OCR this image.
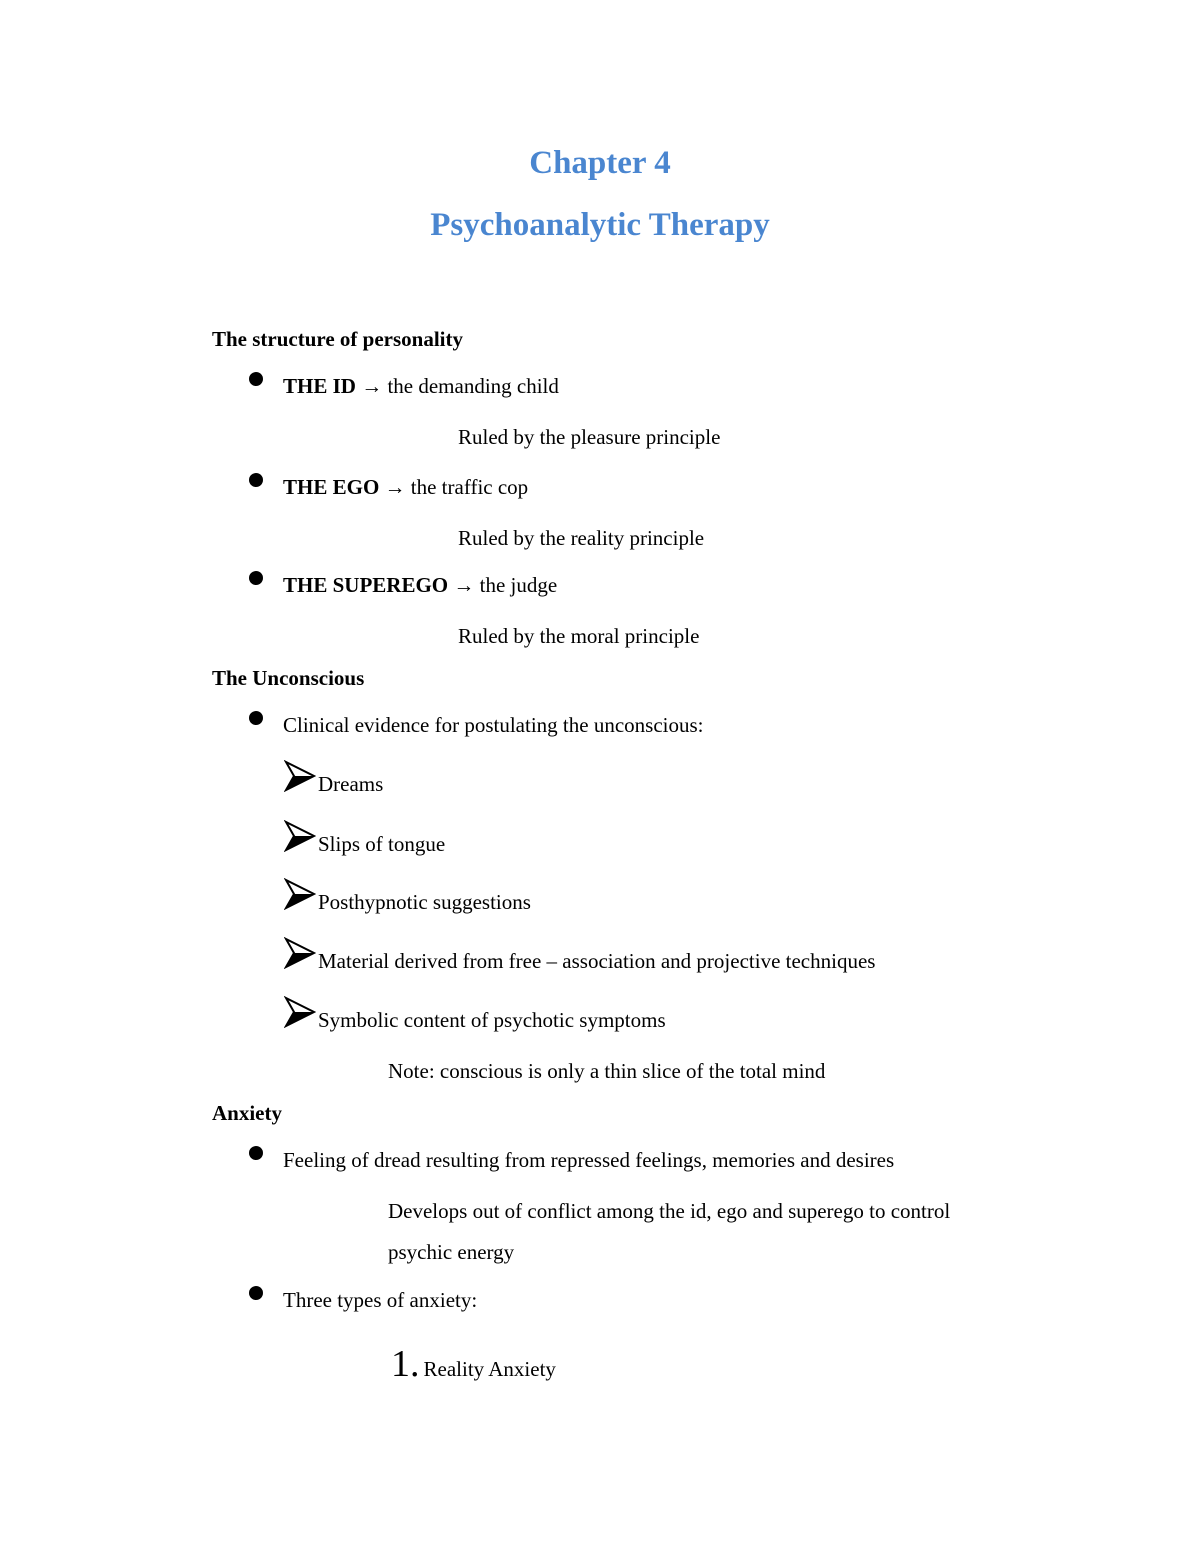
Chapter 4
Psychoanalytic Therapy
The structure of personality
THE ID → the demanding child
Ruled by the pleasure principle
THE EGO → the traffic cop
Ruled by the reality principle
THE SUPEREGO → the judge
Ruled by the moral principle
The Unconscious
Clinical evidence for postulating the unconscious:
Dreams
Slips of tongue
Posthypnotic suggestions
Material derived from free – association and projective techniques
Symbolic content of psychotic symptoms
Note: conscious is only a thin slice of the total mind
Anxiety
Feeling of dread resulting from repressed feelings, memories and desires
Develops out of conflict among the id, ego and superego to control
psychic energy
Three types of anxiety:
1. Reality Anxiety
